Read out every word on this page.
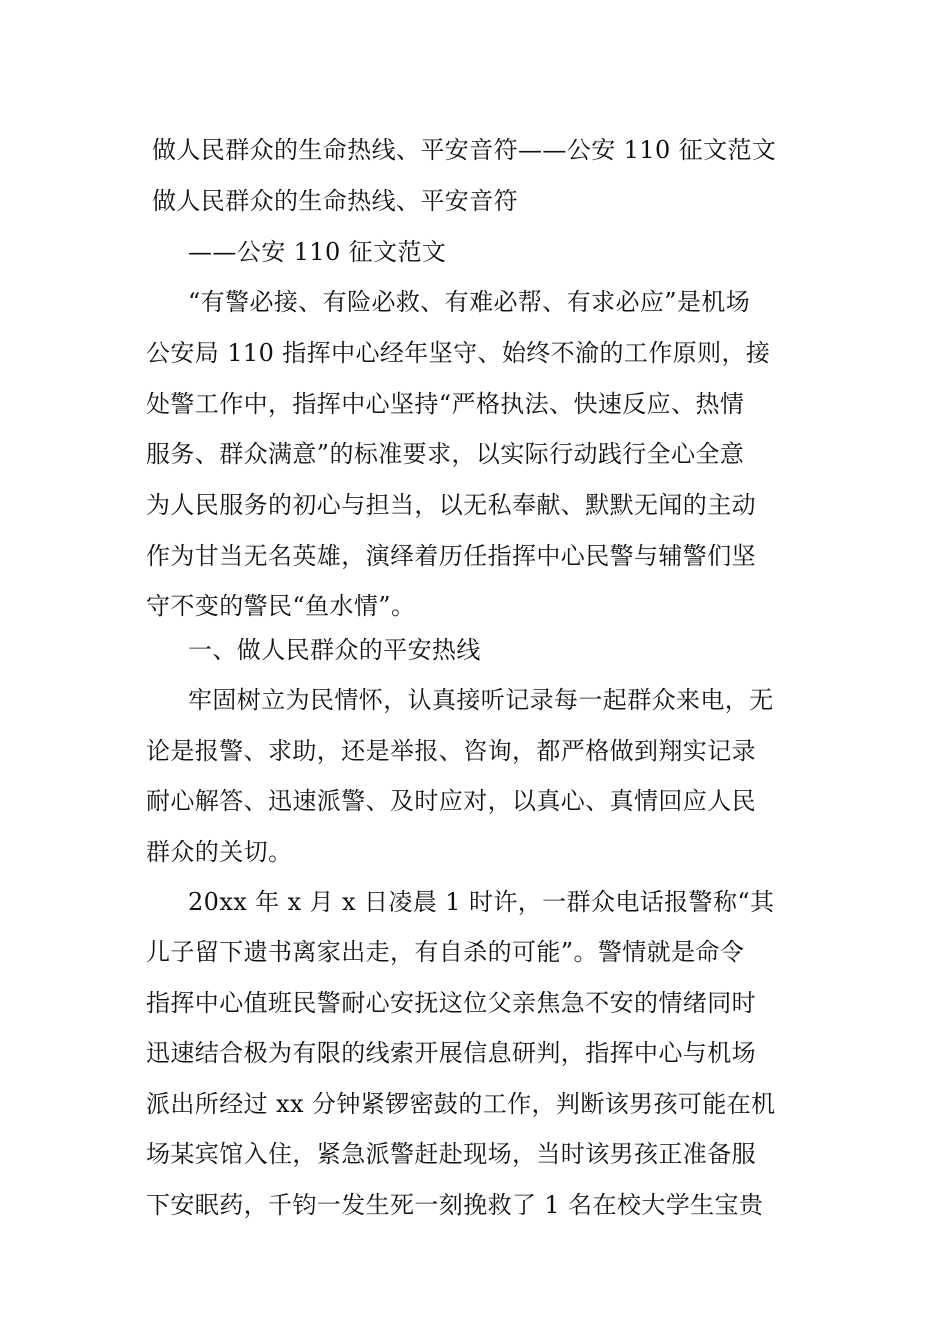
做人民群众的生命热线、平安音符——公安 110 征文范文
做人民群众的生命热线、平安音符
——公安 110 征文范文
“有警必接、有险必救、有难必帮、有求必应”是机场
公安局 110 指挥中心经年坚守、始终不渝的工作原则，接
处警工作中，指挥中心坚持“严格执法、快速反应、热情
服务、群众满意”的标准要求，以实际行动践行全心全意
为人民服务的初心与担当，以无私奉献、默默无闻的主动
作为甘当无名英雄，演绎着历任指挥中心民警与辅警们坚
守不变的警民“鱼水情”。
一、做人民群众的平安热线
牢固树立为民情怀，认真接听记录每一起群众来电，无
论是报警、求助，还是举报、咨询，都严格做到翔实记录
耐心解答、迅速派警、及时应对，以真心、真情回应人民
群众的关切。
20xx 年 x 月 x 日凌晨 1 时许，一群众电话报警称“其
儿子留下遗书离家出走，有自杀的可能”。警情就是命令
指挥中心值班民警耐心安抚这位父亲焦急不安的情绪同时
迅速结合极为有限的线索开展信息研判，指挥中心与机场
派出所经过 xx 分钟紧锣密鼓的工作，判断该男孩可能在机
场某宾馆入住，紧急派警赶赴现场，当时该男孩正准备服
下安眠药，千钧一发生死一刻挽救了 1 名在校大学生宝贵
